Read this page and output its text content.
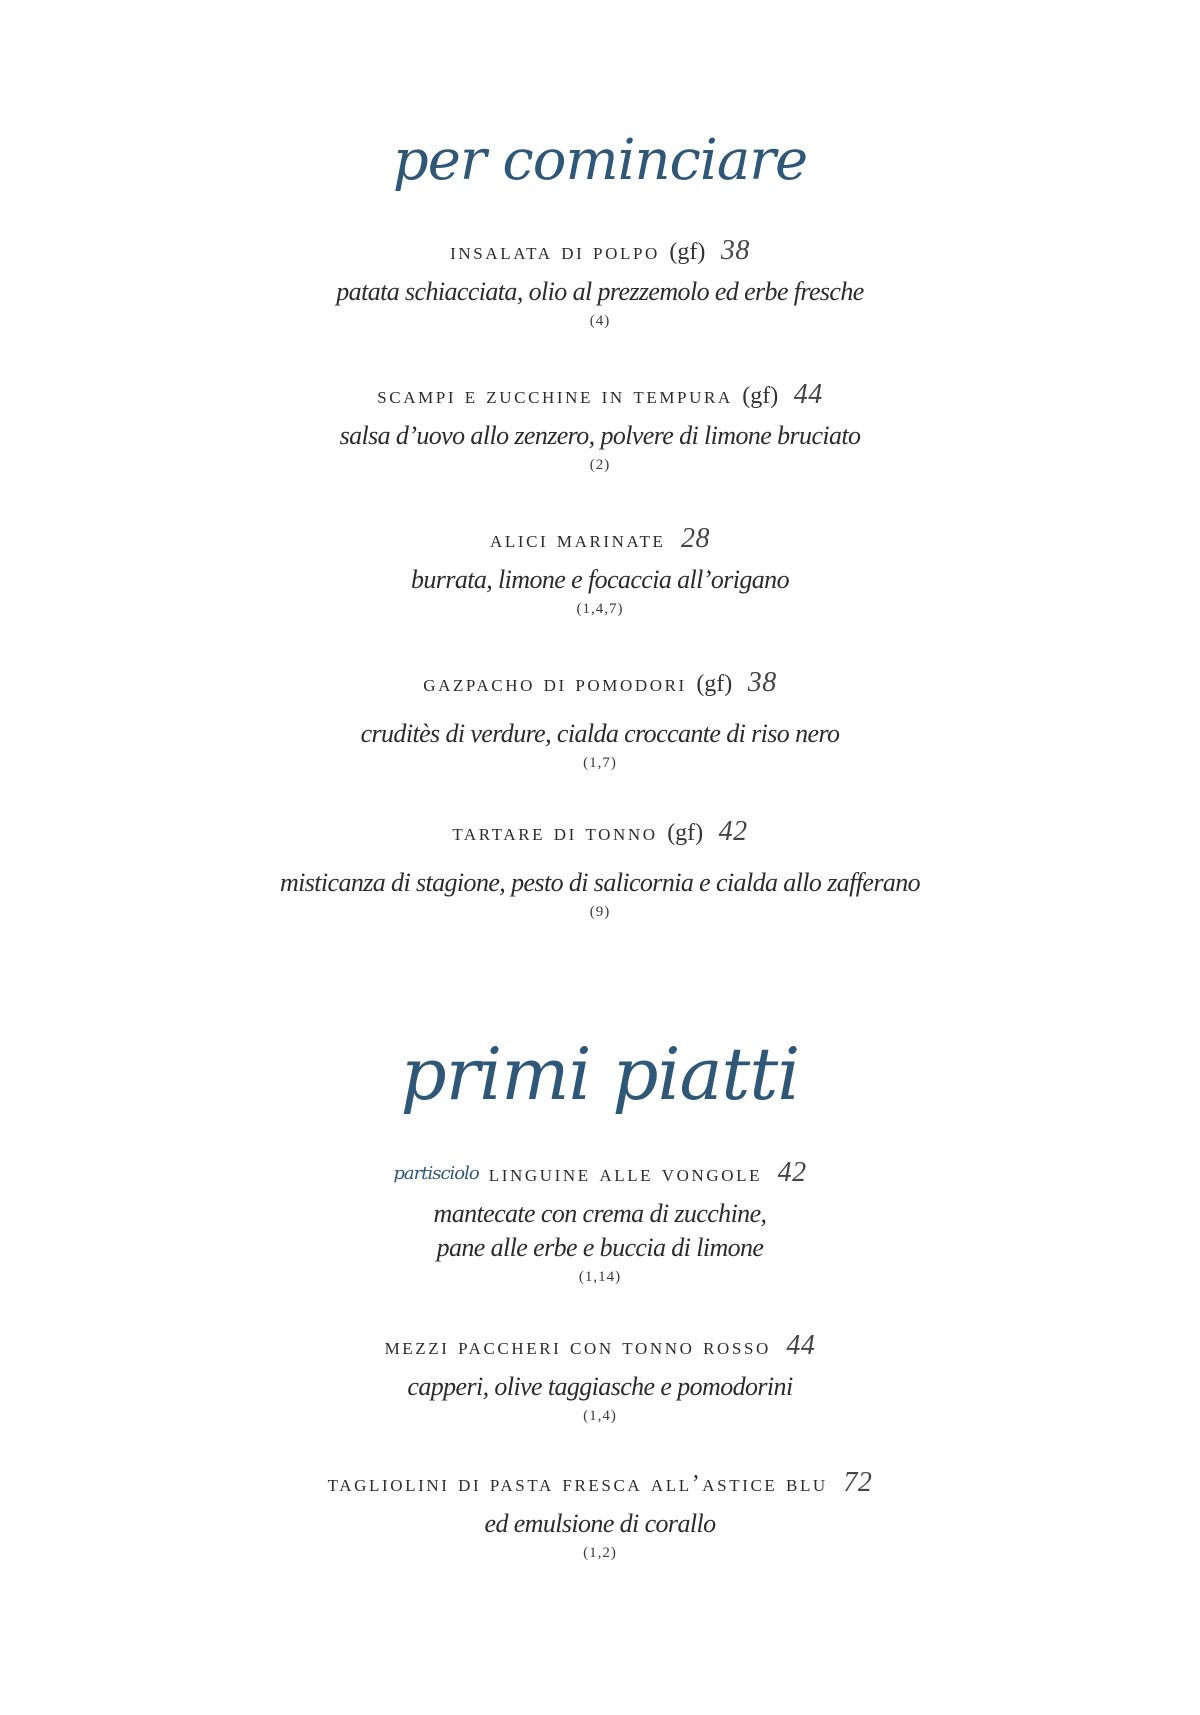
per cominciare
insalata di polpo (gf) 38
patata schiacciata, olio al prezzemolo ed erbe fresche
(4)
scampi e zucchine in tempura (gf) 44
salsa d’uovo allo zenzero, polvere di limone bruciato
(2)
alici marinate 28
burrata, limone e focaccia all’origano
(1,4,7)
gazpacho di pomodori (gf) 38
cruditès di verdure, cialda croccante di riso nero
(1,7)
tartare di tonno (gf) 42
misticanza di stagione, pesto di salicornia e cialda allo zafferano
(9)
primi piatti
partisciolo linguine alle vongole 42
mantecate con crema di zucchine,
pane alle erbe e buccia di limone
(1,14)
mezzi paccheri con tonno rosso 44
capperi, olive taggiasche e pomodorini
(1,4)
tagliolini di pasta fresca all’astice blu 72
ed emulsione di corallo
(1,2)
